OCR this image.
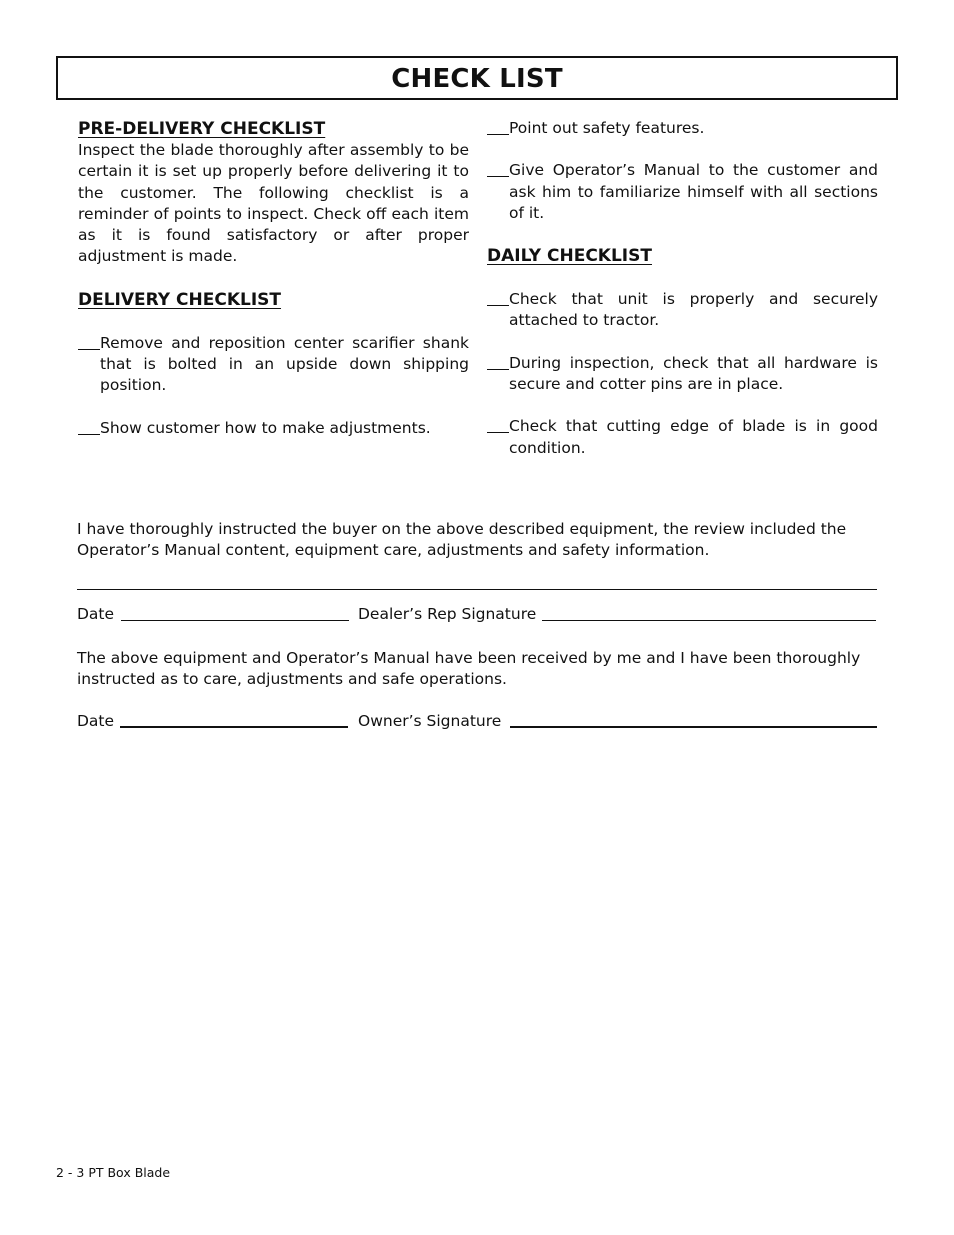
CHECK LIST

PRE-DELIVERY CHECKLIST

Inspect the blade thoroughly after assembly to be certain it is set up properly before delivering it to the customer. The following checklist is a reminder of points to inspect. Check off each item as it is found satisfactory or after proper adjustment is made.

DELIVERY CHECKLIST

Remove and reposition center scarifier shank that is bolted in an upside down shipping position.
Show customer how to make adjustments.
Point out safety features.
Give Operator’s Manual to the customer and ask him to familiarize himself with all sections of it.

DAILY CHECKLIST

Check that unit is properly and securely attached to tractor.
During inspection, check that all hardware is secure and cotter pins are in place.
Check that cutting edge of blade is in good condition.

I have thoroughly instructed the buyer on the above described equipment, the review included the Operator’s Manual content, equipment care, adjustments and safety information.

Date	Dealer’s Rep Signature

The above equipment and Operator’s Manual have been received by me and I have been thoroughly instructed as to care, adjustments and safe operations.

Date	Owner’s Signature
2 - 3 PT Box Blade
